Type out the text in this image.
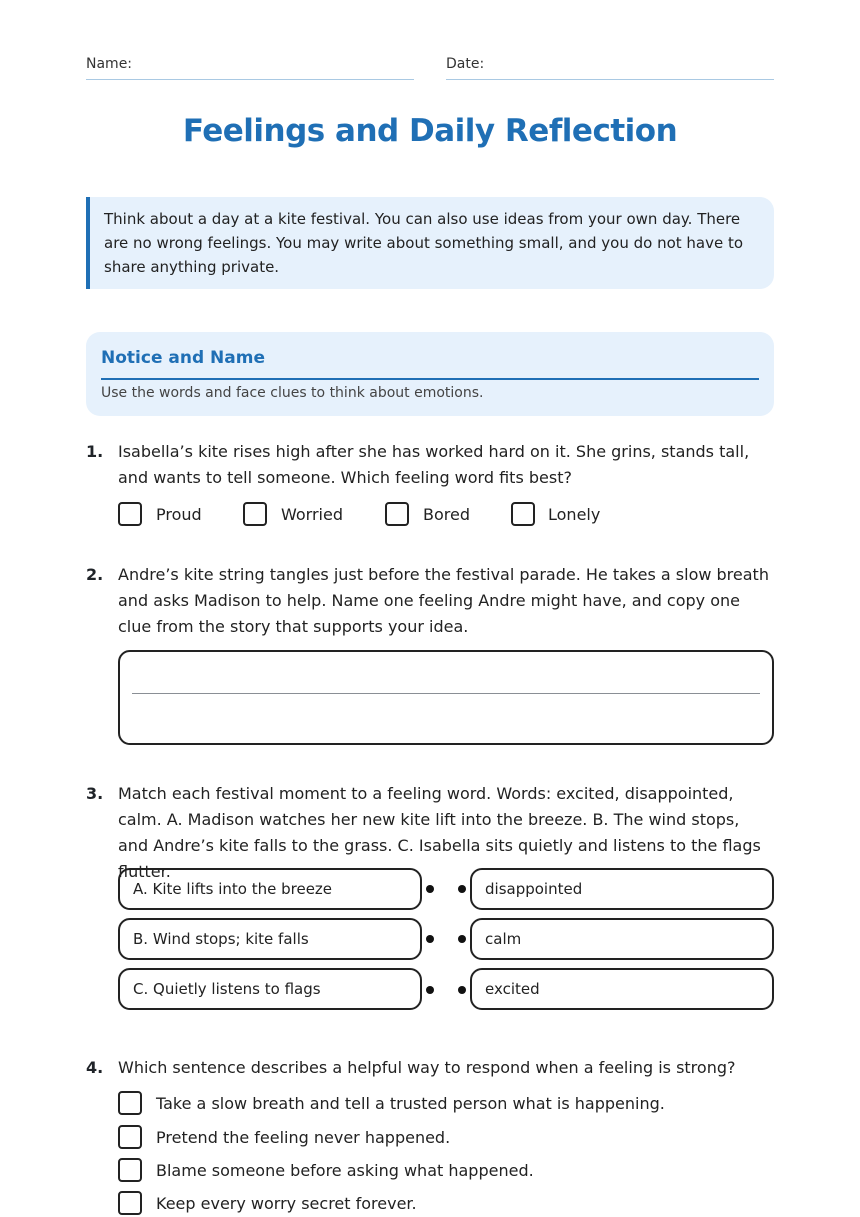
Name:	Date:
Feelings and Daily Reflection
Think about a day at a kite festival. You can also use ideas from your own day. There are no wrong feelings. You may write about something small, and you do not have to share anything private.
Notice and Name
Use the words and face clues to think about emotions.
1. Isabella’s kite rises high after she has worked hard on it. She grins, stands tall, and wants to tell someone. Which feeling word fits best?
Proud	Worried	Bored	Lonely
2. Andre’s kite string tangles just before the festival parade. He takes a slow breath and asks Madison to help. Name one feeling Andre might have, and copy one clue from the story that supports your idea.
3. Match each festival moment to a feeling word. Words: excited, disappointed, calm. A. Madison watches her new kite lift into the breeze. B. The wind stops, and Andre’s kite falls to the grass. C. Isabella sits quietly and listens to the flags flutter.
A. Kite lifts into the breeze	disappointed
B. Wind stops; kite falls	calm
C. Quietly listens to flags	excited
4. Which sentence describes a helpful way to respond when a feeling is strong?
Take a slow breath and tell a trusted person what is happening.
Pretend the feeling never happened.
Blame someone before asking what happened.
Keep every worry secret forever.
